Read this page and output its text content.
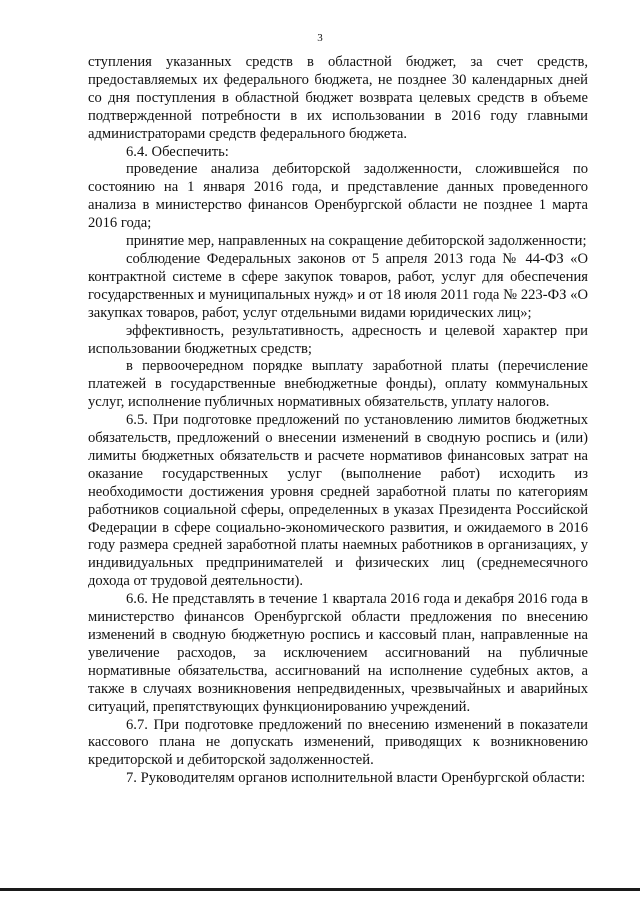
3

ступления указанных средств в областной бюджет, за счет средств, предоставляемых их федерального бюджета, не позднее 30 календарных дней со дня поступления в областной бюджет возврата целевых средств в объеме подтвержденной потребности в их использовании в 2016 году главными администраторами средств федерального бюджета.

6.4. Обеспечить:

проведение анализа дебиторской задолженности, сложившейся по состоянию на 1 января 2016 года, и представление данных проведенного анализа в министерство финансов Оренбургской области не позднее 1 марта 2016 года;

принятие мер, направленных на сокращение дебиторской задолженности;

соблюдение Федеральных законов от 5 апреля 2013 года № 44-ФЗ «О контрактной системе в сфере закупок товаров, работ, услуг для обеспечения государственных и муниципальных нужд» и от 18 июля 2011 года № 223-ФЗ «О закупках товаров, работ, услуг отдельными видами юридических лиц»;

эффективность, результативность, адресность и целевой характер при использовании бюджетных средств;

в первоочередном порядке выплату заработной платы (перечисление платежей в государственные внебюджетные фонды), оплату коммунальных услуг, исполнение публичных нормативных обязательств, уплату налогов.

6.5. При подготовке предложений по установлению лимитов бюджетных обязательств, предложений о внесении изменений в сводную роспись и (или) лимиты бюджетных обязательств и расчете нормативов финансовых затрат на оказание государственных услуг (выполнение работ) исходить из необходимости достижения уровня средней заработной платы по категориям работников социальной сферы, определенных в указах Президента Российской Федерации в сфере социально-экономического развития, и ожидаемого в 2016 году размера средней заработной платы наемных работников в организациях, у индивидуальных предпринимателей и физических лиц (среднемесячного дохода от трудовой деятельности).

6.6. Не представлять в течение 1 квартала 2016 года и декабря 2016 года в министерство финансов Оренбургской области предложения по внесению изменений в сводную бюджетную роспись и кассовый план, направленные на увеличение расходов, за исключением ассигнований на публичные нормативные обязательства, ассигнований на исполнение судебных актов, а также в случаях возникновения непредвиденных, чрезвычайных и аварийных ситуаций, препятствующих функционированию учреждений.

6.7. При подготовке предложений по внесению изменений в показатели кассового плана не допускать изменений, приводящих к возникновению кредиторской и дебиторской задолженностей.

7. Руководителям органов исполнительной власти Оренбургской области:
